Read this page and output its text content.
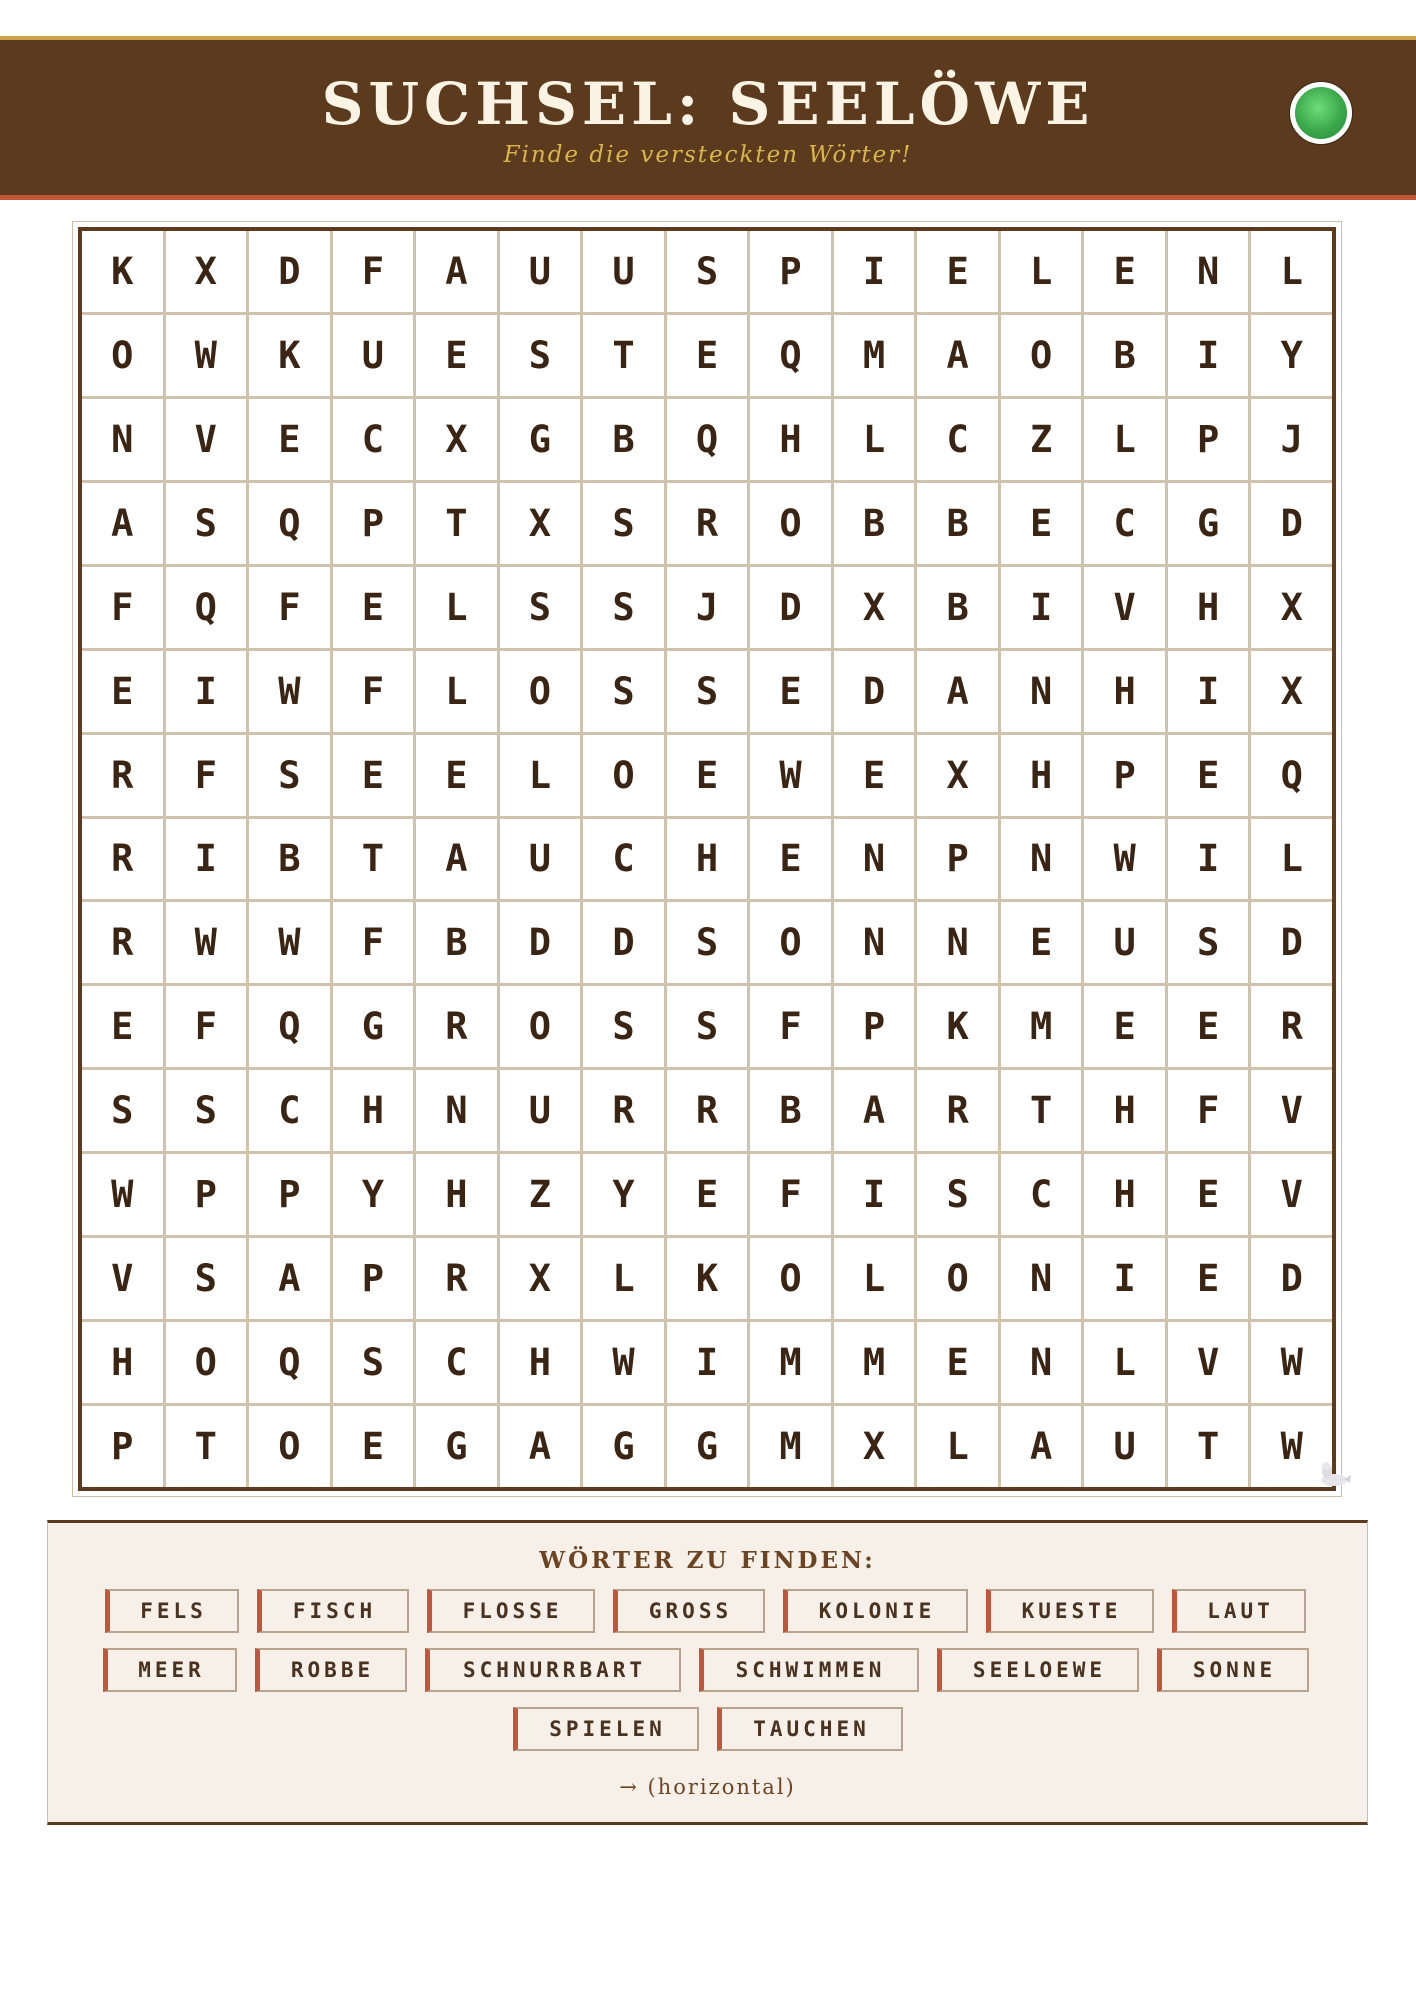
SUCHSEL: SEELÖWE
Finde die versteckten Wörter!
K	X	D	F	A	U	U	S	P	I	E	L	E	N	L
O	W	K	U	E	S	T	E	Q	M	A	O	B	I	Y
N	V	E	C	X	G	B	Q	H	L	C	Z	L	P	J
A	S	Q	P	T	X	S	R	O	B	B	E	C	G	D
F	Q	F	E	L	S	S	J	D	X	B	I	V	H	X
E	I	W	F	L	O	S	S	E	D	A	N	H	I	X
R	F	S	E	E	L	O	E	W	E	X	H	P	E	Q
R	I	B	T	A	U	C	H	E	N	P	N	W	I	L
R	W	W	F	B	D	D	S	O	N	N	E	U	S	D
E	F	Q	G	R	O	S	S	F	P	K	M	E	E	R
S	S	C	H	N	U	R	R	B	A	R	T	H	F	V
W	P	P	Y	H	Z	Y	E	F	I	S	C	H	E	V
V	S	A	P	R	X	L	K	O	L	O	N	I	E	D
H	O	Q	S	C	H	W	I	M	M	E	N	L	V	W
P	T	O	E	G	A	G	G	M	X	L	A	U	T	W
WÖRTER ZU FINDEN:
FELS	FISCH	FLOSSE	GROSS	KOLONIE	KUESTE	LAUT
MEER	ROBBE	SCHNURRBART	SCHWIMMEN	SEELOEWE	SONNE
SPIELEN	TAUCHEN
→ (horizontal)
